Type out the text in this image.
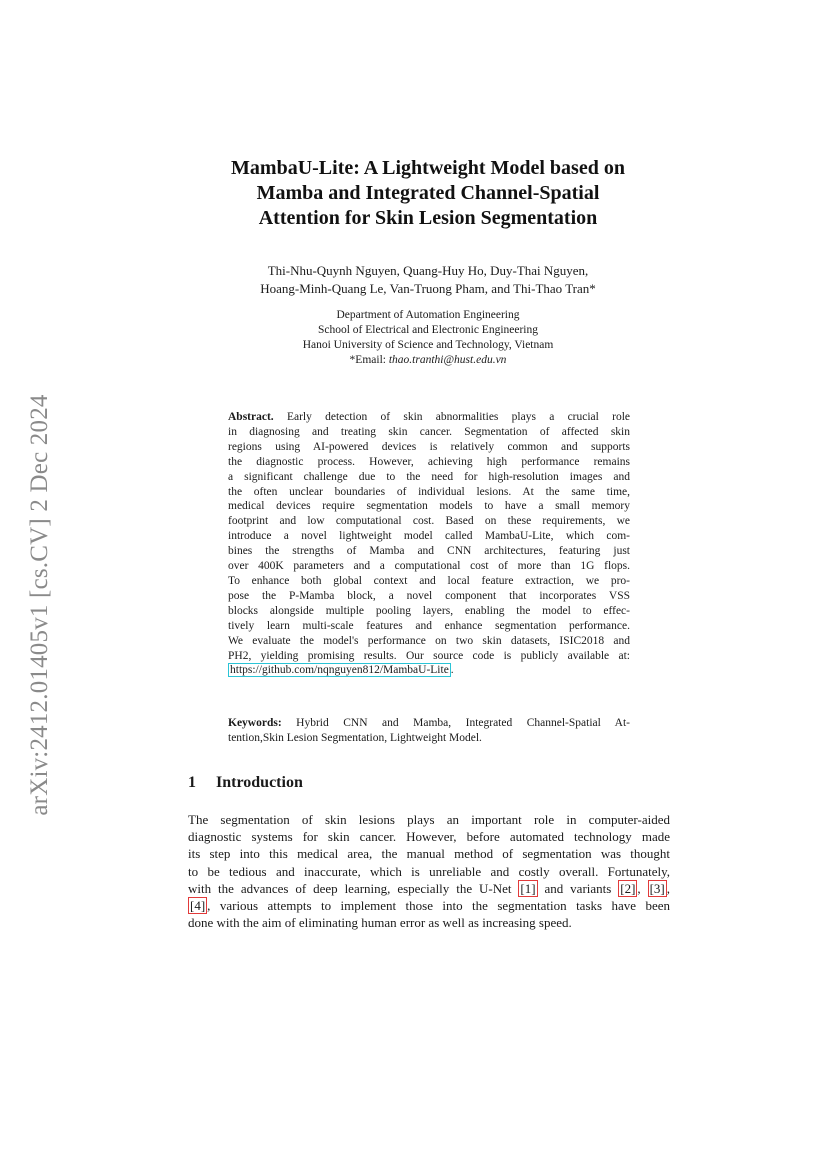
arXiv:2412.01405v1 [cs.CV] 2 Dec 2024
MambaU-Lite: A Lightweight Model based on
Mamba and Integrated Channel-Spatial
Attention for Skin Lesion Segmentation
Thi-Nhu-Quynh Nguyen, Quang-Huy Ho, Duy-Thai Nguyen,
Hoang-Minh-Quang Le, Van-Truong Pham, and Thi-Thao Tran*
Department of Automation Engineering
School of Electrical and Electronic Engineering
Hanoi University of Science and Technology, Vietnam
*Email: thao.tranthi@hust.edu.vn
Abstract. Early detection of skin abnormalities plays a crucial role
in diagnosing and treating skin cancer. Segmentation of affected skin
regions using AI-powered devices is relatively common and supports
the diagnostic process. However, achieving high performance remains
a significant challenge due to the need for high-resolution images and
the often unclear boundaries of individual lesions. At the same time,
medical devices require segmentation models to have a small memory
footprint and low computational cost. Based on these requirements, we
introduce a novel lightweight model called MambaU-Lite, which com-
bines the strengths of Mamba and CNN architectures, featuring just
over 400K parameters and a computational cost of more than 1G flops.
To enhance both global context and local feature extraction, we pro-
pose the P-Mamba block, a novel component that incorporates VSS
blocks alongside multiple pooling layers, enabling the model to effec-
tively learn multi-scale features and enhance segmentation performance.
We evaluate the model's performance on two skin datasets, ISIC2018 and
PH2, yielding promising results. Our source code is publicly available at:
https://github.com/nqnguyen812/MambaU-Lite .
Keywords: Hybrid CNN and Mamba, Integrated Channel-Spatial At-
tention,Skin Lesion Segmentation, Lightweight Model.
1 Introduction
The segmentation of skin lesions plays an important role in computer-aided
diagnostic systems for skin cancer. However, before automated technology made
its step into this medical area, the manual method of segmentation was thought
to be tedious and inaccurate, which is unreliable and costly overall. Fortunately,
with the advances of deep learning, especially the U-Net [1] and variants [2] , [3] ,
[4] , various attempts to implement those into the segmentation tasks have been
done with the aim of eliminating human error as well as increasing speed.
